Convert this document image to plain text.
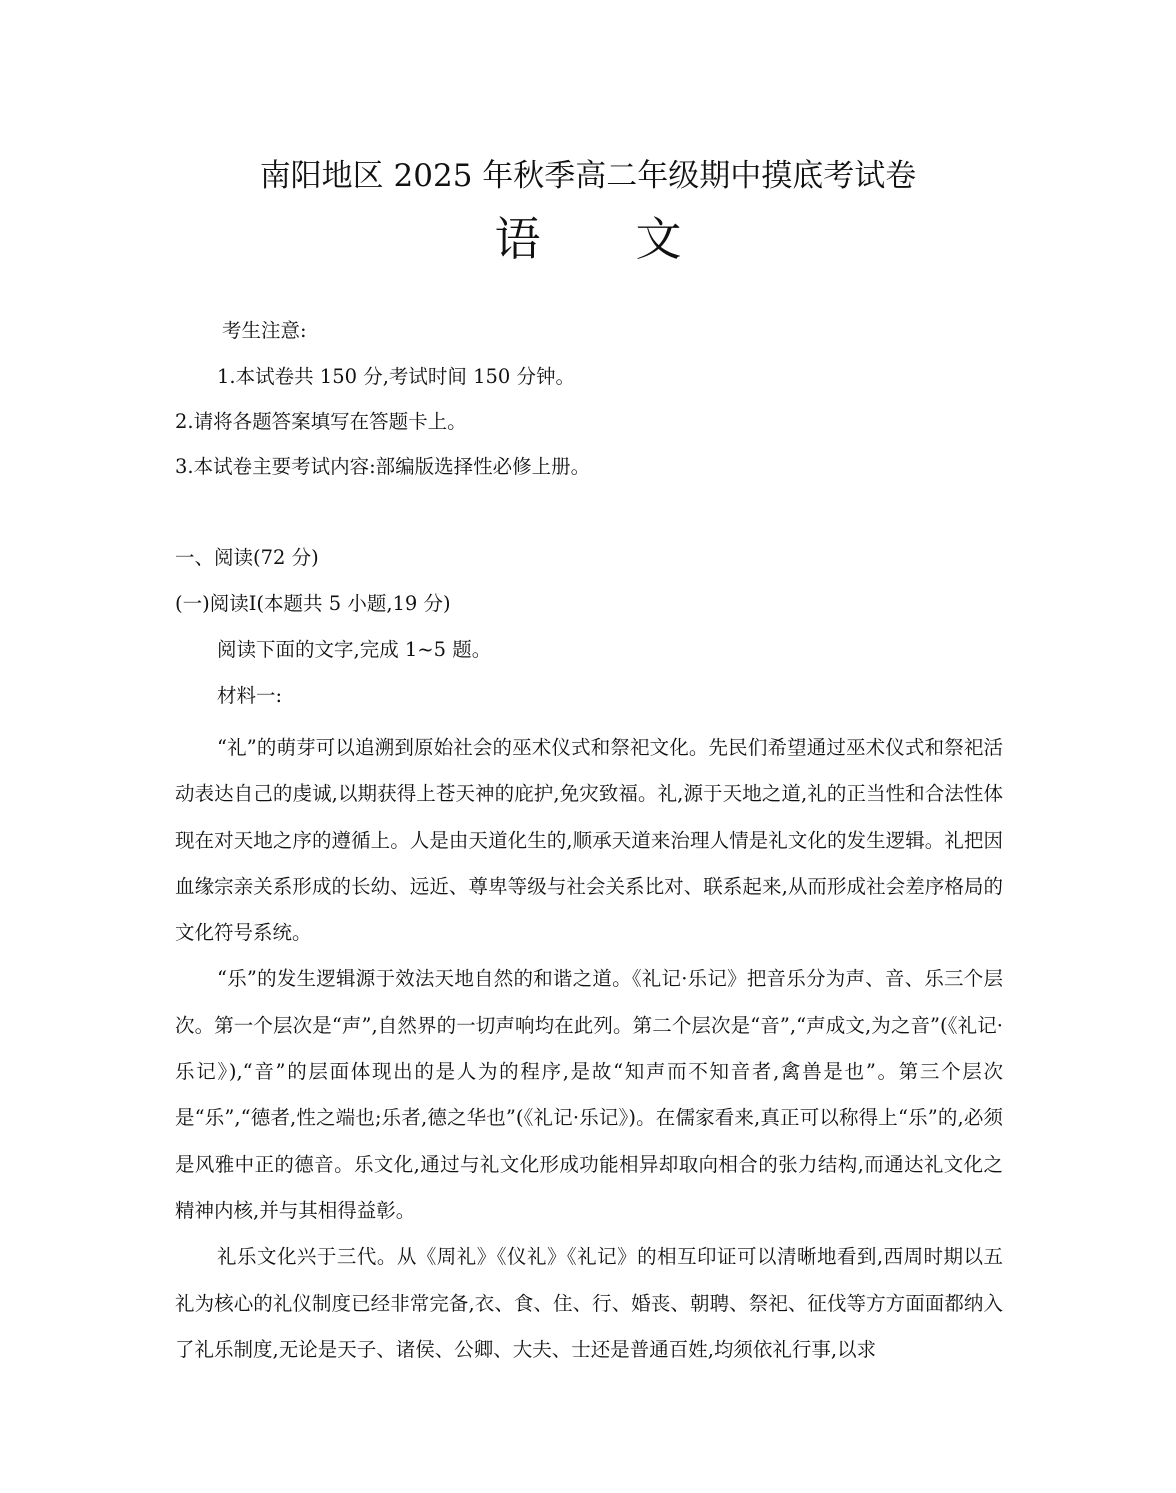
南阳地区 2025 年秋季高二年级期中摸底考试卷
语 文
考生注意:
1.本试卷共 150 分,考试时间 150 分钟。
2.请将各题答案填写在答题卡上。
3.本试卷主要考试内容:部编版选择性必修上册。
一、阅读(72 分)
(一)阅读I(本题共 5 小题,19 分)
阅读下面的文字,完成 1~5 题。
材料一:

“礼”的萌芽可以追溯到原始社会的巫术仪式和祭祀文化。先民们希望通过巫术仪式和祭祀活动表达自己的虔诚,以期获得上苍天神的庇护,免灾致福。礼,源于天地之道,礼的正当性和合法性体现在对天地之序的遵循上。人是由天道化生的,顺承天道来治理人情是礼文化的发生逻辑。礼把因血缘宗亲关系形成的长幼、远近、尊卑等级与社会关系比对、联系起来,从而形成社会差序格局的文化符号系统。

“乐”的发生逻辑源于效法天地自然的和谐之道。《礼记·乐记》把音乐分为声、音、乐三个层次。第一个层次是“声”,自然界的一切声响均在此列。第二个层次是“音”,“声成文,为之音”(《礼记·乐记》),“音”的层面体现出的是人为的程序,是故“知声而不知音者,禽兽是也”。第三个层次是“乐”,“德者,性之端也;乐者,德之华也”(《礼记·乐记》)。在儒家看来,真正可以称得上“乐”的,必须是风雅中正的德音。乐文化,通过与礼文化形成功能相异却取向相合的张力结构,而通达礼文化之精神内核,并与其相得益彰。

礼乐文化兴于三代。从《周礼》《仪礼》《礼记》的相互印证可以清晰地看到,西周时期以五礼为核心的礼仪制度已经非常完备,衣、食、住、行、婚丧、朝聘、祭祀、征伐等方方面面都纳入了礼乐制度,无论是天子、诸侯、公卿、大夫、士还是普通百姓,均须依礼行事,以求
